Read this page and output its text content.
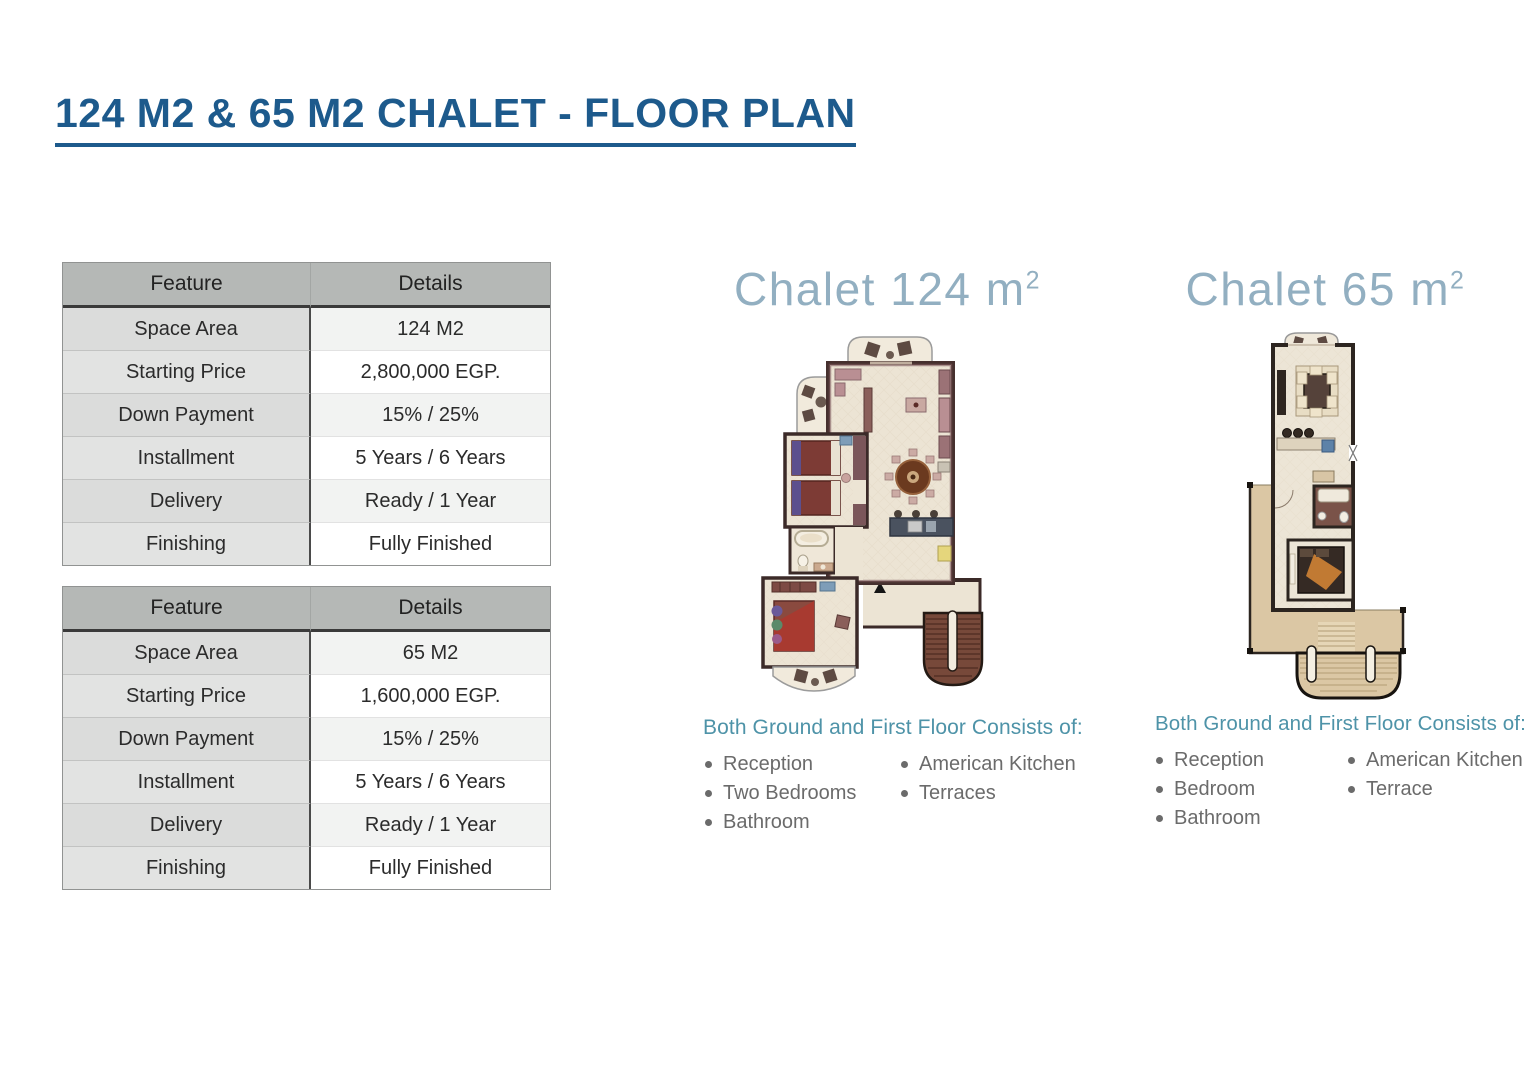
124 M2 & 65 M2 CHALET - FLOOR PLAN
Feature	Details
Space Area	124 M2
Starting Price	2,800,000 EGP.
Down Payment	15% / 25%
Installment	5 Years / 6 Years
Delivery	Ready / 1 Year
Finishing	Fully Finished
Feature	Details
Space Area	65 M2
Starting Price	1,600,000 EGP.
Down Payment	15% / 25%
Installment	5 Years / 6 Years
Delivery	Ready / 1 Year
Finishing	Fully Finished
Chalet 124 $m^2$	Chalet 65 $m^2$
Both Ground and First Floor Consists of:
Reception
Two Bedrooms
Bathroom
American Kitchen
Terraces
Both Ground and First Floor Consists of:
Reception
Bedroom
Bathroom
American Kitchen
Terrace
